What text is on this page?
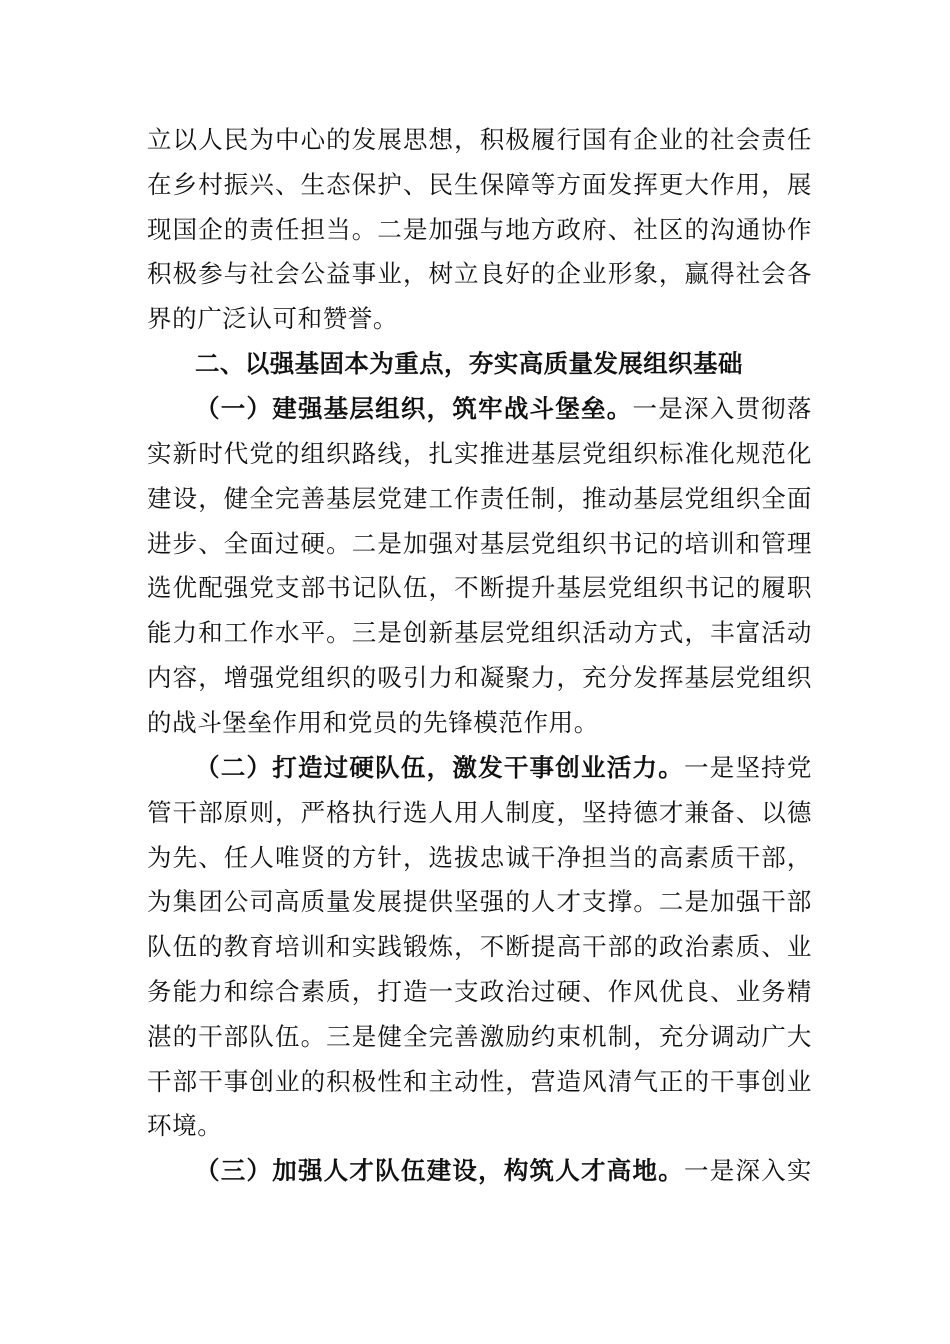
立以人民为中心的发展思想，积极履行国有企业的社会责任
在乡村振兴、生态保护、民生保障等方面发挥更大作用，展
现国企的责任担当。二是加强与地方政府、社区的沟通协作
积极参与社会公益事业，树立良好的企业形象，赢得社会各
界的广泛认可和赞誉。
二、以强基固本为重点，夯实高质量发展组织基础
（一）建强基层组织，筑牢战斗堡垒。一是深入贯彻落
实新时代党的组织路线，扎实推进基层党组织标准化规范化
建设，健全完善基层党建工作责任制，推动基层党组织全面
进步、全面过硬。二是加强对基层党组织书记的培训和管理
选优配强党支部书记队伍，不断提升基层党组织书记的履职
能力和工作水平。三是创新基层党组织活动方式，丰富活动
内容，增强党组织的吸引力和凝聚力，充分发挥基层党组织
的战斗堡垒作用和党员的先锋模范作用。
（二）打造过硬队伍，激发干事创业活力。一是坚持党
管干部原则，严格执行选人用人制度，坚持德才兼备、以德
为先、任人唯贤的方针，选拔忠诚干净担当的高素质干部，
为集团公司高质量发展提供坚强的人才支撑。二是加强干部
队伍的教育培训和实践锻炼，不断提高干部的政治素质、业
务能力和综合素质，打造一支政治过硬、作风优良、业务精
湛的干部队伍。三是健全完善激励约束机制，充分调动广大
干部干事创业的积极性和主动性，营造风清气正的干事创业
环境。
（三）加强人才队伍建设，构筑人才高地。一是深入实
